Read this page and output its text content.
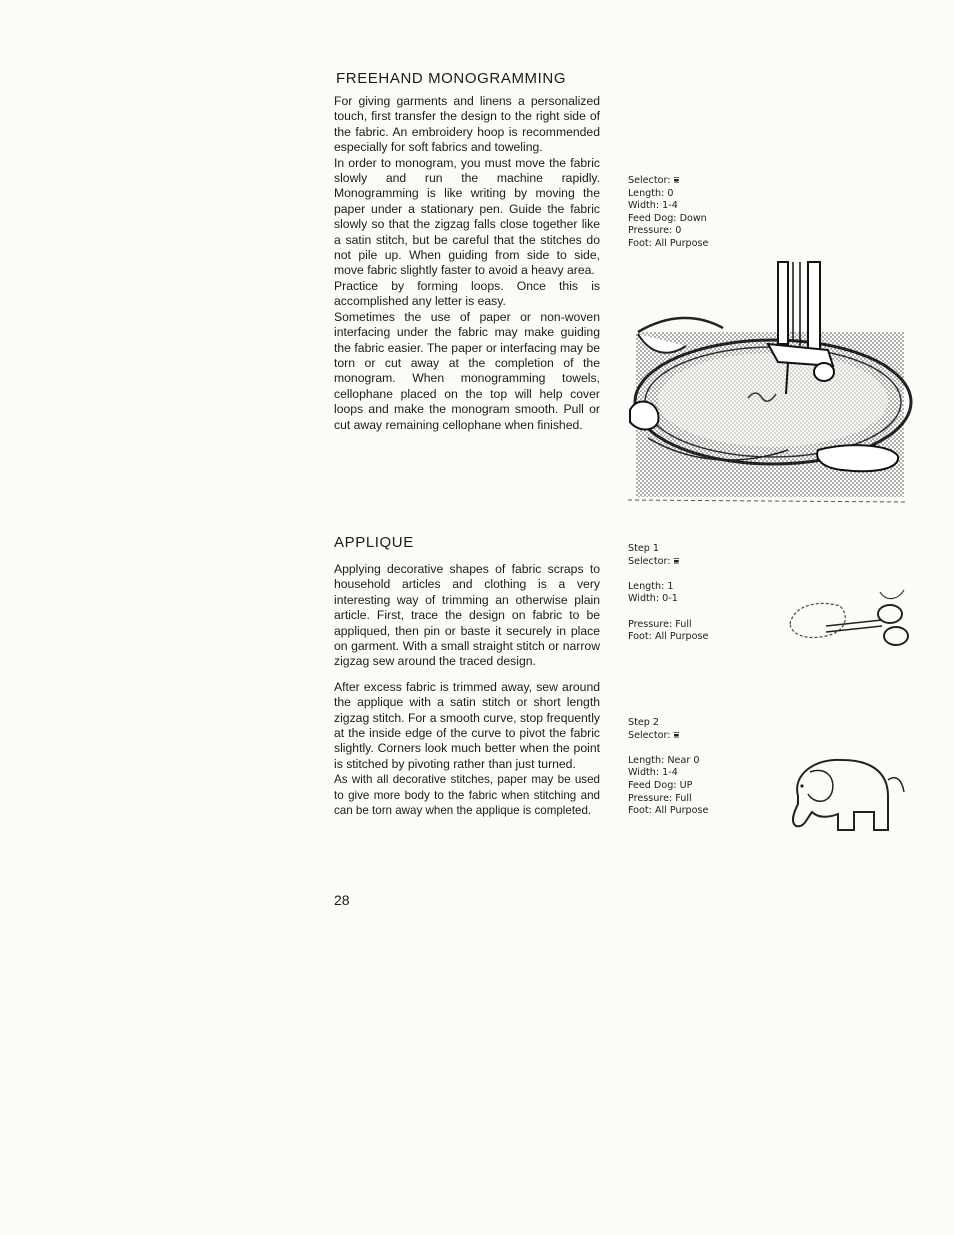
FREEHAND MONOGRAMMING

For giving garments and linens a personalized touch, first transfer the design to the right side of the fabric. An embroidery hoop is recommended especially for soft fabrics and toweling.

In order to monogram, you must move the fabric slowly and run the machine rapidly. Monogramming is like writing by moving the paper under a stationary pen. Guide the fabric slowly so that the zigzag falls close together like a satin stitch, but be careful that the stitches do not pile up. When guiding from side to side, move fabric slightly faster to avoid a heavy area.

Practice by forming loops. Once this is accomplished any letter is easy.

Sometimes the use of paper or non-woven interfacing under the fabric may make guiding the fabric easier. The paper or interfacing may be torn or cut away at the completion of the monogram. When monogramming towels, cellophane placed on the top will help cover loops and make the monogram smooth. Pull or cut away remaining cellophane when finished.

Selector: ⩸
Length: 0
Width: 1-4
Feed Dog: Down
Pressure: 0
Foot: All Purpose
APPLIQUE

Applying decorative shapes of fabric scraps to household articles and clothing is a very interesting way of trimming an otherwise plain article. First, trace the design on fabric to be appliqued, then pin or baste it securely in place on garment. With a small straight stitch or narrow zigzag sew around the traced design.

After excess fabric is trimmed away, sew around the applique with a satin stitch or short length zigzag stitch. For a smooth curve, stop frequently at the inside edge of the curve to pivot the fabric slightly. Corners look much better when the point is stitched by pivoting rather than just turned.

As with all decorative stitches, paper may be used to give more body to the fabric when stitching and can be torn away when the applique is completed.

Step 1
Selector: ⩸
Length: 1
Width: 0-1
Pressure: Full
Foot: All Purpose
Step 2
Selector: ⩸
Length: Near 0
Width: 1-4
Feed Dog: UP
Pressure: Full
Foot: All Purpose
28
